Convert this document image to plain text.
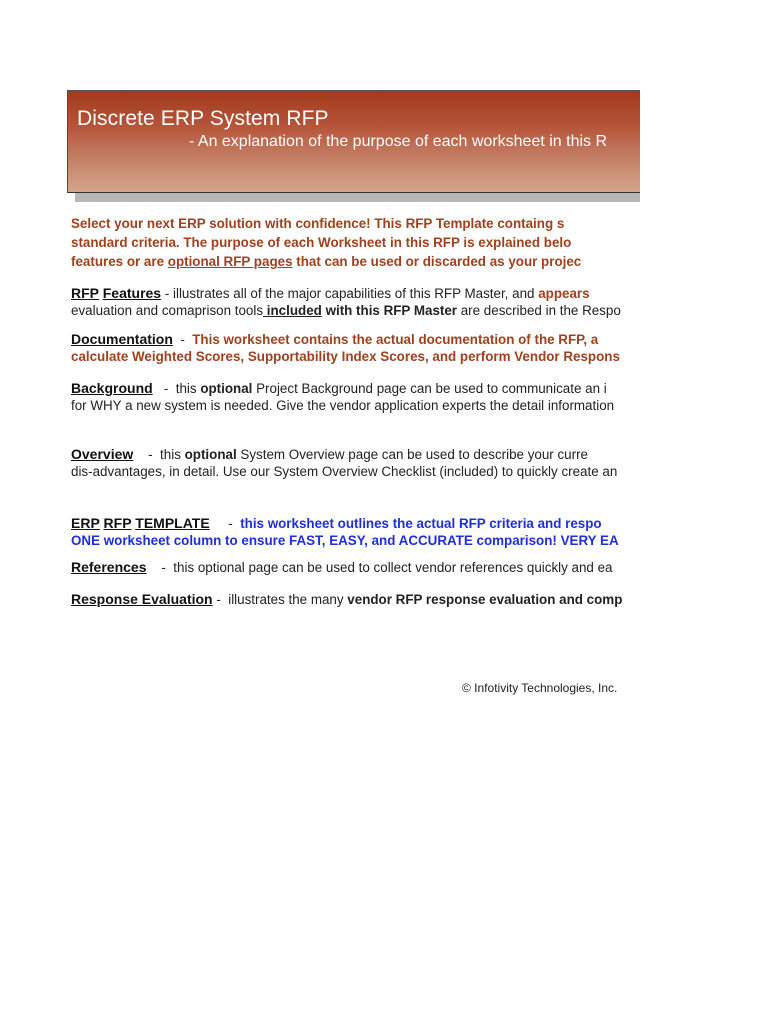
Discrete ERP System RFP
- An explanation of the purpose of each worksheet in this R
Select your next ERP solution with confidence! This RFP Template containg s
standard criteria. The purpose of each Worksheet in this RFP is explained belo
features or are optional RFP pages that can be used or discarded as your projec
RFP Features - illustrates all of the major capabilities of this RFP Master, and appears
evaluation and comaprison tools included with this RFP Master are described in the Respo
Documentation  -  This worksheet contains the actual documentation of the RFP, a
calculate Weighted Scores, Supportability Index Scores, and perform Vendor Respons
Background   -  this optional Project Background page can be used to communicate an i
for WHY a new system is needed. Give the vendor application experts the detail information
Overview    -  this optional System Overview page can be used to describe your curre
dis-advantages, in detail. Use our System Overview Checklist (included) to quickly create an
ERP RFP TEMPLATE     -  this worksheet outlines the actual RFP criteria and respo
ONE worksheet column to ensure FAST, EASY, and ACCURATE comparison! VERY EA
References    -  this optional page can be used to collect vendor references quickly and ea
Response Evaluation -  illustrates the many vendor RFP response evaluation and comp
© Infotivity Technologies, Inc.
